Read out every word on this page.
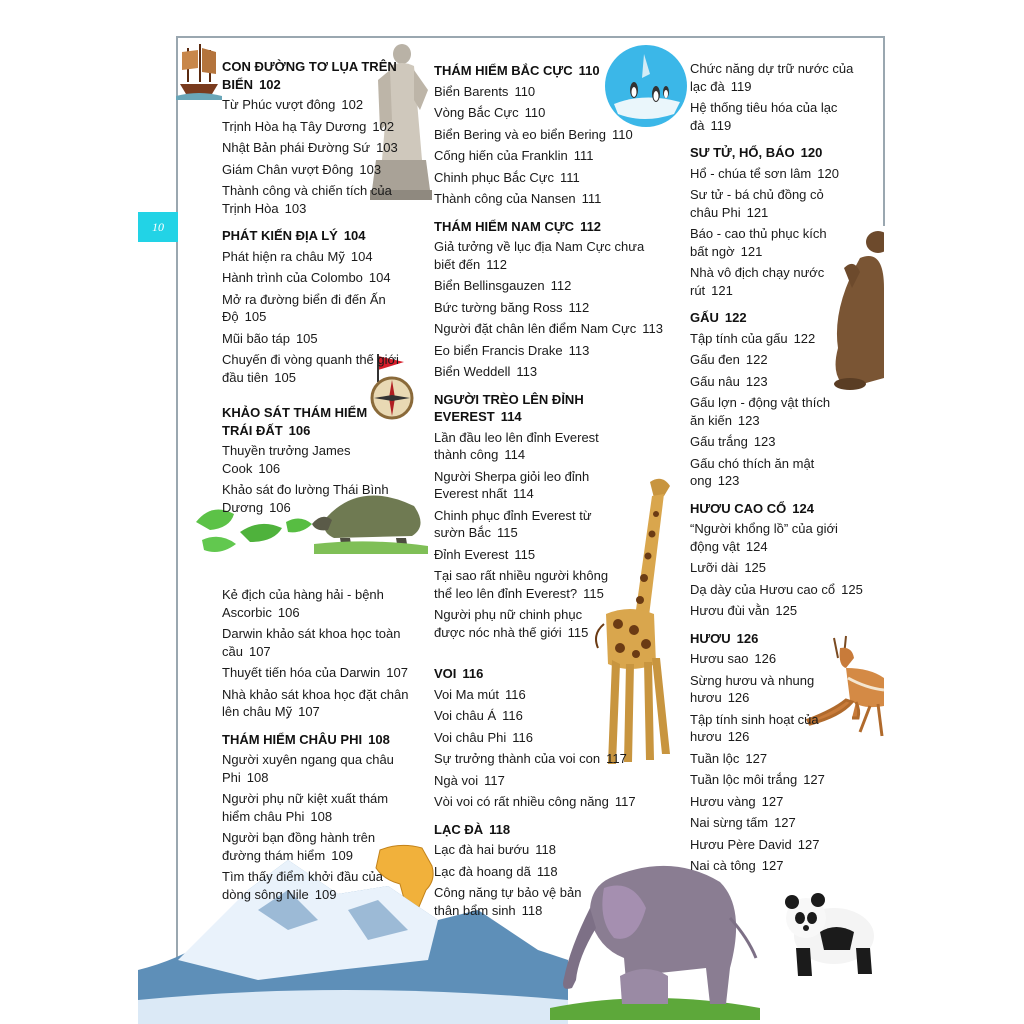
10
CON ĐƯỜNG TƠ LỤA TRÊN BIỂN 102
Từ Phúc vượt đông 102
Trịnh Hòa hạ Tây Dương 102
Nhật Bản phái Đường Sứ 103
Giám Chân vượt Đông 103
Thành công và chiến tích của Trịnh Hòa 103
PHÁT KIẾN ĐỊA LÝ 104
Phát hiện ra châu Mỹ 104
Hành trình của Colombo 104
Mở ra đường biển đi đến Ấn Độ 105
Mũi bão táp 105
Chuyến đi vòng quanh thế giới đầu tiên 105
KHẢO SÁT THÁM HIỂM TRÁI ĐẤT 106
Thuyền trưởng James Cook 106
Khảo sát đo lường Thái Bình Dương 106
Kẻ địch của hàng hải - bệnh Ascorbic 106
Darwin khảo sát khoa học toàn cầu 107
Thuyết tiến hóa của Darwin 107
Nhà khảo sát khoa học đặt chân lên châu Mỹ 107
THÁM HIỂM CHÂU PHI 108
Người xuyên ngang qua châu Phi 108
Người phụ nữ kiệt xuất thám hiểm châu Phi 108
Người bạn đồng hành trên đường thám hiểm 109
Tìm thấy điểm khởi đầu của dòng sông Nile 109
THÁM HIỂM BẮC CỰC 110
Biển Barents 110
Vòng Bắc Cực 110
Biển Bering và eo biển Bering 110
Cống hiến của Franklin 111
Chinh phục Bắc Cực 111
Thành công của Nansen 111
THÁM HIỂM NAM CỰC 112
Giả tưởng về lục địa Nam Cực chưa biết đến 112
Biển Bellinsgauzen 112
Bức tường băng Ross 112
Người đặt chân lên điểm Nam Cực 113
Eo biển Francis Drake 113
Biển Weddell 113
NGƯỜI TRÈO LÊN ĐỈNH EVEREST 114
Lần đầu leo lên đỉnh Everest thành công 114
Người Sherpa giỏi leo đỉnh Everest nhất 114
Chinh phục đỉnh Everest từ sườn Bắc 115
Đỉnh Everest 115
Tại sao rất nhiều người không thể leo lên đỉnh Everest? 115
Người phụ nữ chinh phục được nóc nhà thế giới 115
VOI 116
Voi Ma mút 116
Voi châu Á 116
Voi châu Phi 116
Sự trưởng thành của voi con 117
Ngà voi 117
Vòi voi có rất nhiều công năng 117
LẠC ĐÀ 118
Lạc đà hai bướu 118
Lạc đà hoang dã 118
Công năng tự bảo vệ bản thân bẩm sinh 118
Chức năng dự trữ nước của lạc đà 119
Hệ thống tiêu hóa của lạc đà 119
SƯ TỬ, HỔ, BÁO 120
Hổ - chúa tể sơn lâm 120
Sư tử - bá chủ đồng cỏ châu Phi 121
Báo - cao thủ phục kích bất ngờ 121
Nhà vô địch chạy nước rút 121
GẤU 122
Tập tính của gấu 122
Gấu đen 122
Gấu nâu 123
Gấu lợn - động vật thích ăn kiến 123
Gấu trắng 123
Gấu chó thích ăn mật ong 123
HƯƠU CAO CỔ 124
“Người khổng lồ” của giới động vật 124
Lưỡi dài 125
Dạ dày của Hươu cao cổ 125
Hươu đùi vằn 125
HƯƠU 126
Hươu sao 126
Sừng hươu và nhung hươu 126
Tập tính sinh hoạt của hươu 126
Tuần lộc 127
Tuần lộc môi trắng 127
Hươu vàng 127
Nai sừng tấm 127
Hươu Père David 127
Nai cà tông 127
